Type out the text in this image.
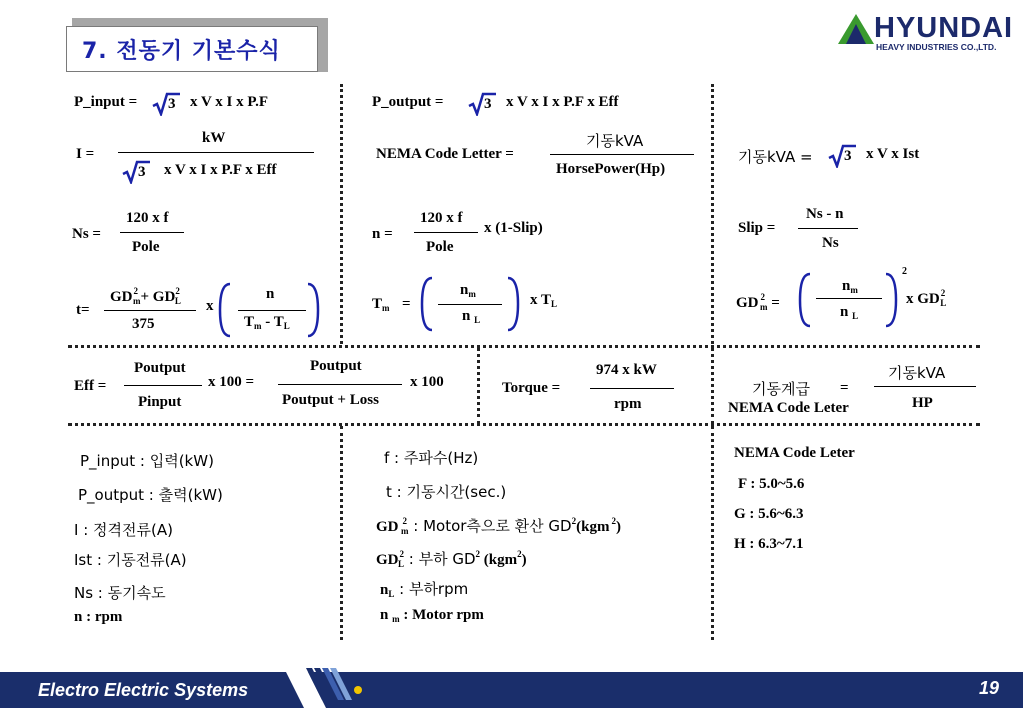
7. 전동기 기본수식
HYUNDAI
HEAVY INDUSTRIES CO.,LTD.
P_input = 3 x V x I x P.F	P_output =	3 x V x I x P.F x Eff
I =
kW
3 x V x I x P.F x Eff
NEMA Code Letter =
기동kVA
HorsePower(Hp)
기동kVA = 3 x V x Ist
Ns =
120 x f
Pole
n =
120 x f
Pole
x (1-Slip)	Slip =
Ns - n
Ns
t=
$GD^2_m+ GD^2_L$
375
x
n
$T_m - T_L$
$T_m$ =
$n_m$
n $_L$
x $T_L$	GD $^2_m$ =
$n_m$
n $_L$
2
x $GD^2_L$
Eff =
Poutput
Pinput
x 100 =
Poutput
Poutput + Loss
x 100	Torque =
974 x kW
rpm
기동계급 =
NEMA Code Leter
기동kVA
HP
P_input : 입력(kW)
P_output : 출력(kW)
I : 정격전류(A)
Ist : 기동전류(A)
Ns : 동기속도
n : rpm
f : 주파수(Hz)
t : 기동시간(sec.)
GD $^2_m$ : Motor측으로 환산 $GD^2(kgm$ $^2$)
$GD^2_L$ : 부하 $GD^2$ (kgm$^2$)
$n_L$ : 부하rpm
n $_m$ : Motor rpm
NEMA Code Leter
F : 5.0~5.6
G : 5.6~6.3
H : 6.3~7.1
Electro Electric Systems	19
